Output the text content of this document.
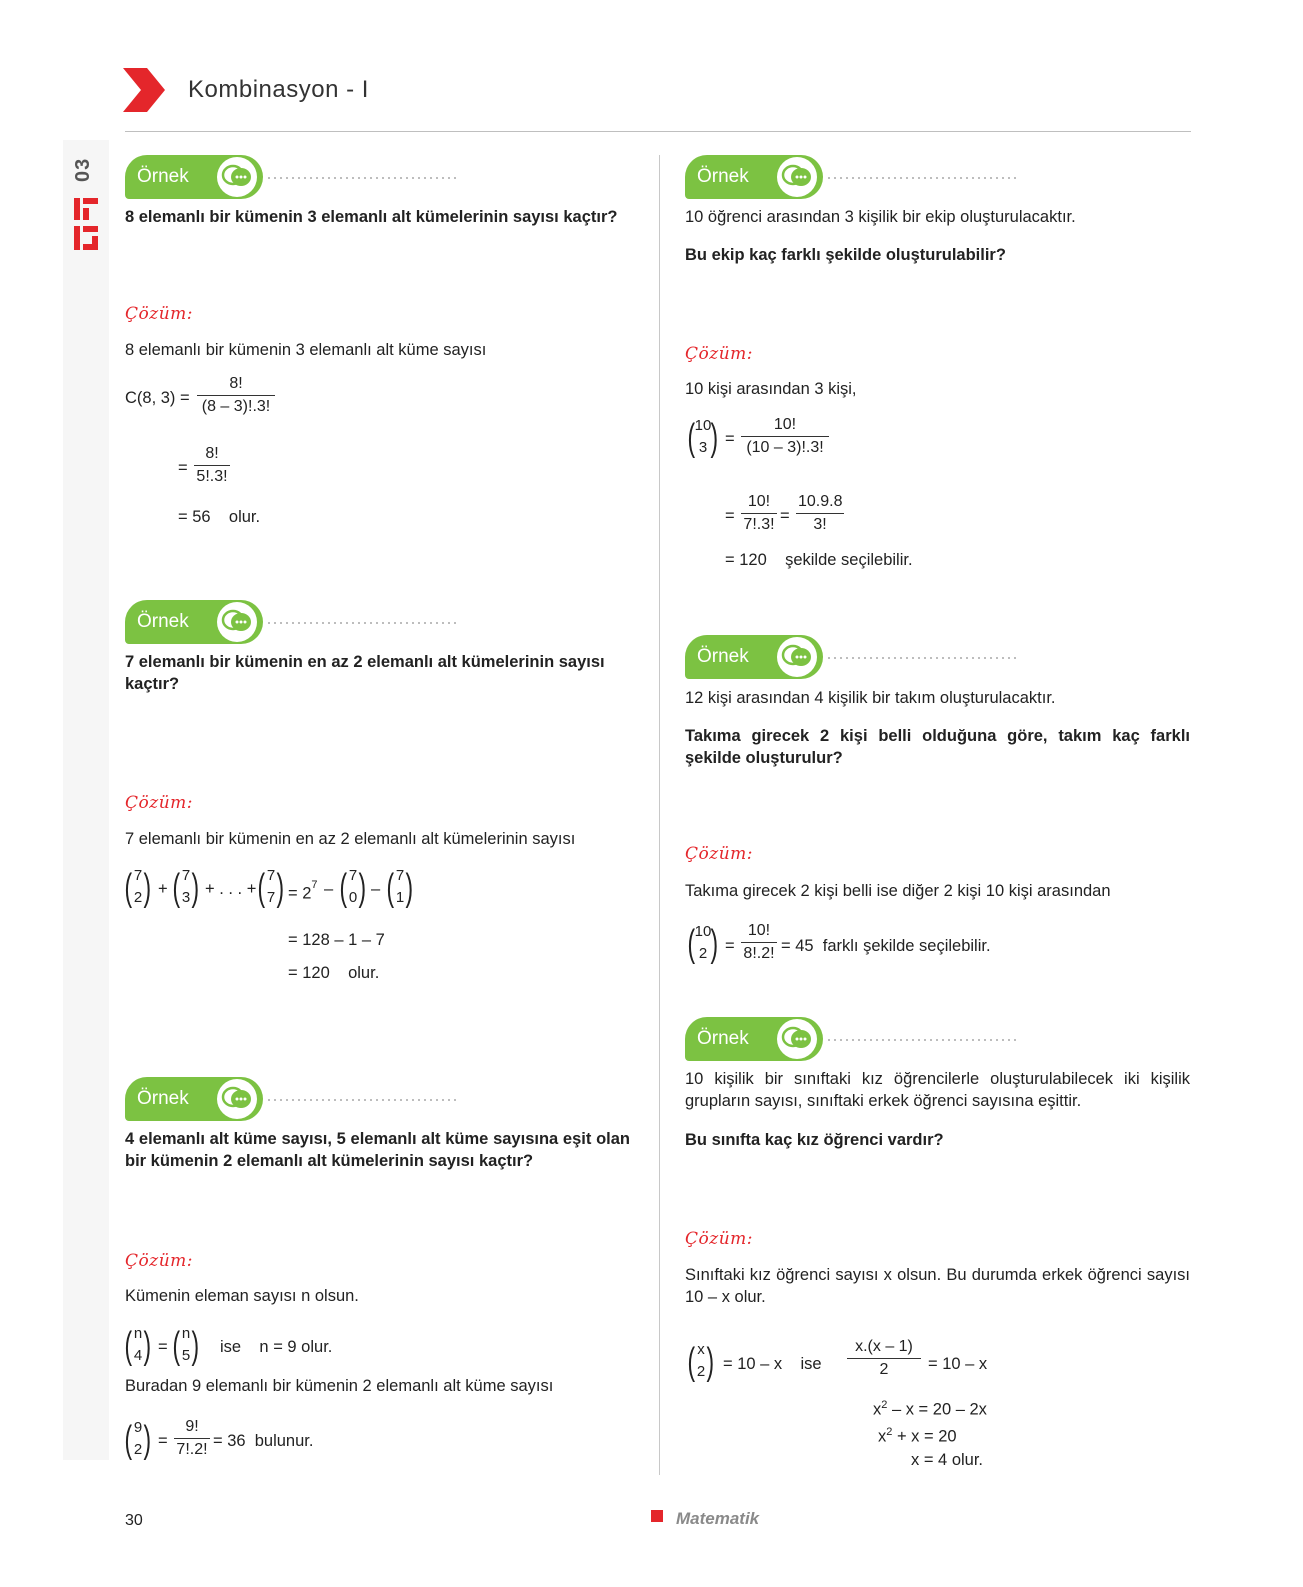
Kombinasyon - I
03	Örnek
8 elemanlı bir kümenin 3 elemanlı alt kümelerinin sayısı kaçtır?
Çözüm:
8 elemanlı bir kümenin 3 elemanlı alt küme sayısı
C(8, $3) = \frac{8!}{(8 - 3)!.3!}$
= $\frac{8!}{5!.3!}$
= 56    olur.
Örnek
7 elemanlı bir kümenin en az 2 elemanlı alt kümelerinin sayısı kaçtır?
Çözüm:
7 elemanlı bir kümenin en az 2 elemanlı alt kümelerinin sayısı
( )
7
2 + ( )
7
3 + . . . + ( )
7
$7 = 2^7$ – ( )
7
0 – ( )
7
1
= 128 – 1 – 7
= 120    olur.
Örnek
4 elemanlı alt küme sayısı, 5 elemanlı alt küme sayısına eşit olan bir kümenin 2 elemanlı alt kümelerinin sayısı kaçtır?
Çözüm:
Kümenin eleman sayısı n olsun.
( )
n
4 = ( )
n
5	ise    n = 9 olur.
Buradan 9 elemanlı bir kümenin 2 elemanlı alt küme sayısı
( )
9
$2 = \frac{9!}{7!.2!} = 36$  bulunur.
Örnek
10 öğrenci arasından 3 kişilik bir ekip oluşturulacaktır.
Bu ekip kaç farklı şekilde oluşturulabilir?
Çözüm:
10 kişi arasından 3 kişi,
( )
10
3	= $\frac{10!}{(10 - 3)!.3!}$
= $\frac{10!}{7!.3!} = \frac{10.9.8}{3!}$
= 120    şekilde seçilebilir.
Örnek
12 kişi arasından 4 kişilik bir takım oluşturulacaktır.
Takıma girecek 2 kişi belli olduğuna göre, takım kaç farklı şekilde oluşturulur?
Çözüm:
Takıma girecek 2 kişi belli ise diğer 2 kişi 10 kişi arasından
( )
10
2	= $\frac{10!}{8!.2!} = 45$  farklı şekilde seçilebilir.
Örnek
10 kişilik bir sınıftaki kız öğrencilerle oluşturulabilecek iki kişilik grupların sayısı, sınıftaki erkek öğrenci sayısına eşittir.
Bu sınıfta kaç kız öğrenci vardır?
Çözüm:
Sınıftaki kız öğrenci sayısı x olsun. Bu durumda erkek öğrenci sayısı 10 – x olur.
( )
x
2	= 10 – x    ise $\frac{x.(x - 1)}{2} = 10 - x$
$x^2 - x = 20 - 2x$
$x^2 + x = 20$
x = 4 olur.
30	Matematik
